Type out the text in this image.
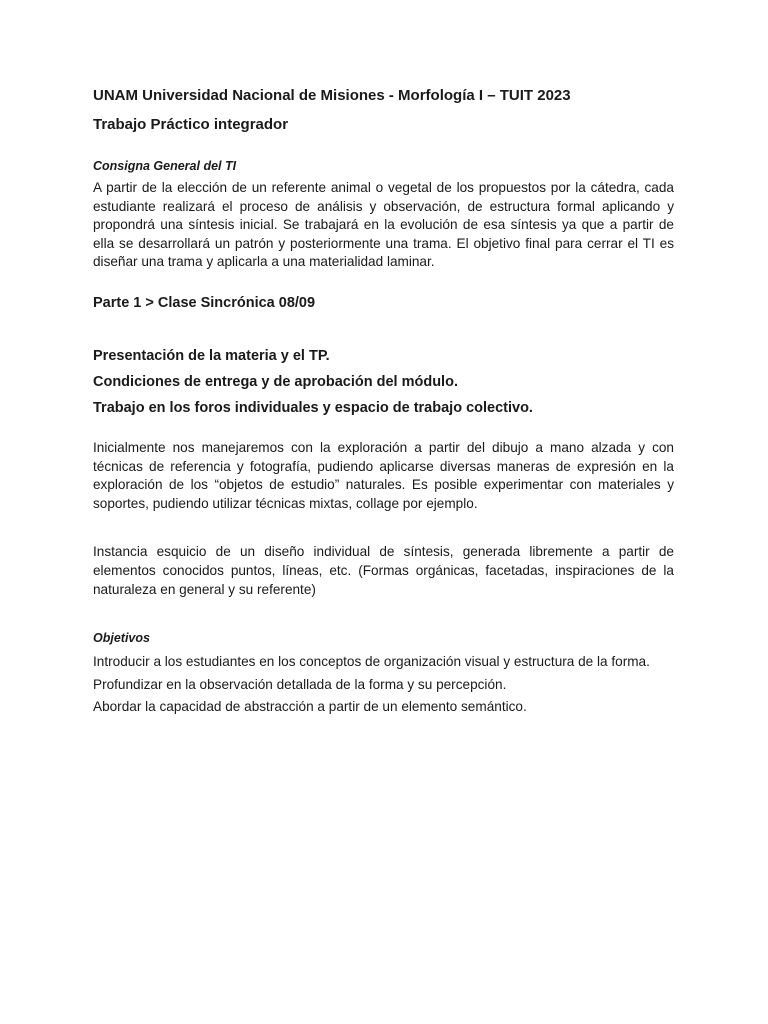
UNAM Universidad Nacional de Misiones - Morfología I – TUIT 2023
Trabajo Práctico integrador

Consigna General del TI

A partir de la elección de un referente animal o vegetal de los propuestos por la cátedra, cada estudiante realizará el proceso de análisis y observación, de estructura formal aplicando y propondrá una síntesis inicial. Se trabajará en la evolución de esa síntesis ya que a partir de ella se desarrollará un patrón y posteriormente una trama. El objetivo final para cerrar el TI es diseñar una trama y aplicarla a una materialidad laminar.

Parte 1 > Clase Sincrónica 08/09

Presentación de la materia y el TP.

Condiciones de entrega y de aprobación del módulo.

Trabajo en los foros individuales y espacio de trabajo colectivo.

Inicialmente nos manejaremos con la exploración a partir del dibujo a mano alzada y con técnicas de referencia y fotografía, pudiendo aplicarse diversas maneras de expresión en la exploración de los “objetos de estudio” naturales. Es posible experimentar con materiales y soportes, pudiendo utilizar técnicas mixtas, collage por ejemplo.

Instancia esquicio de un diseño individual de síntesis, generada libremente a partir de elementos conocidos puntos, líneas, etc. (Formas orgánicas, facetadas, inspiraciones de la naturaleza en general y su referente)

Objetivos

Introducir a los estudiantes en los conceptos de organización visual y estructura de la forma.

Profundizar en la observación detallada de la forma y su percepción.

Abordar la capacidad de abstracción a partir de un elemento semántico.
